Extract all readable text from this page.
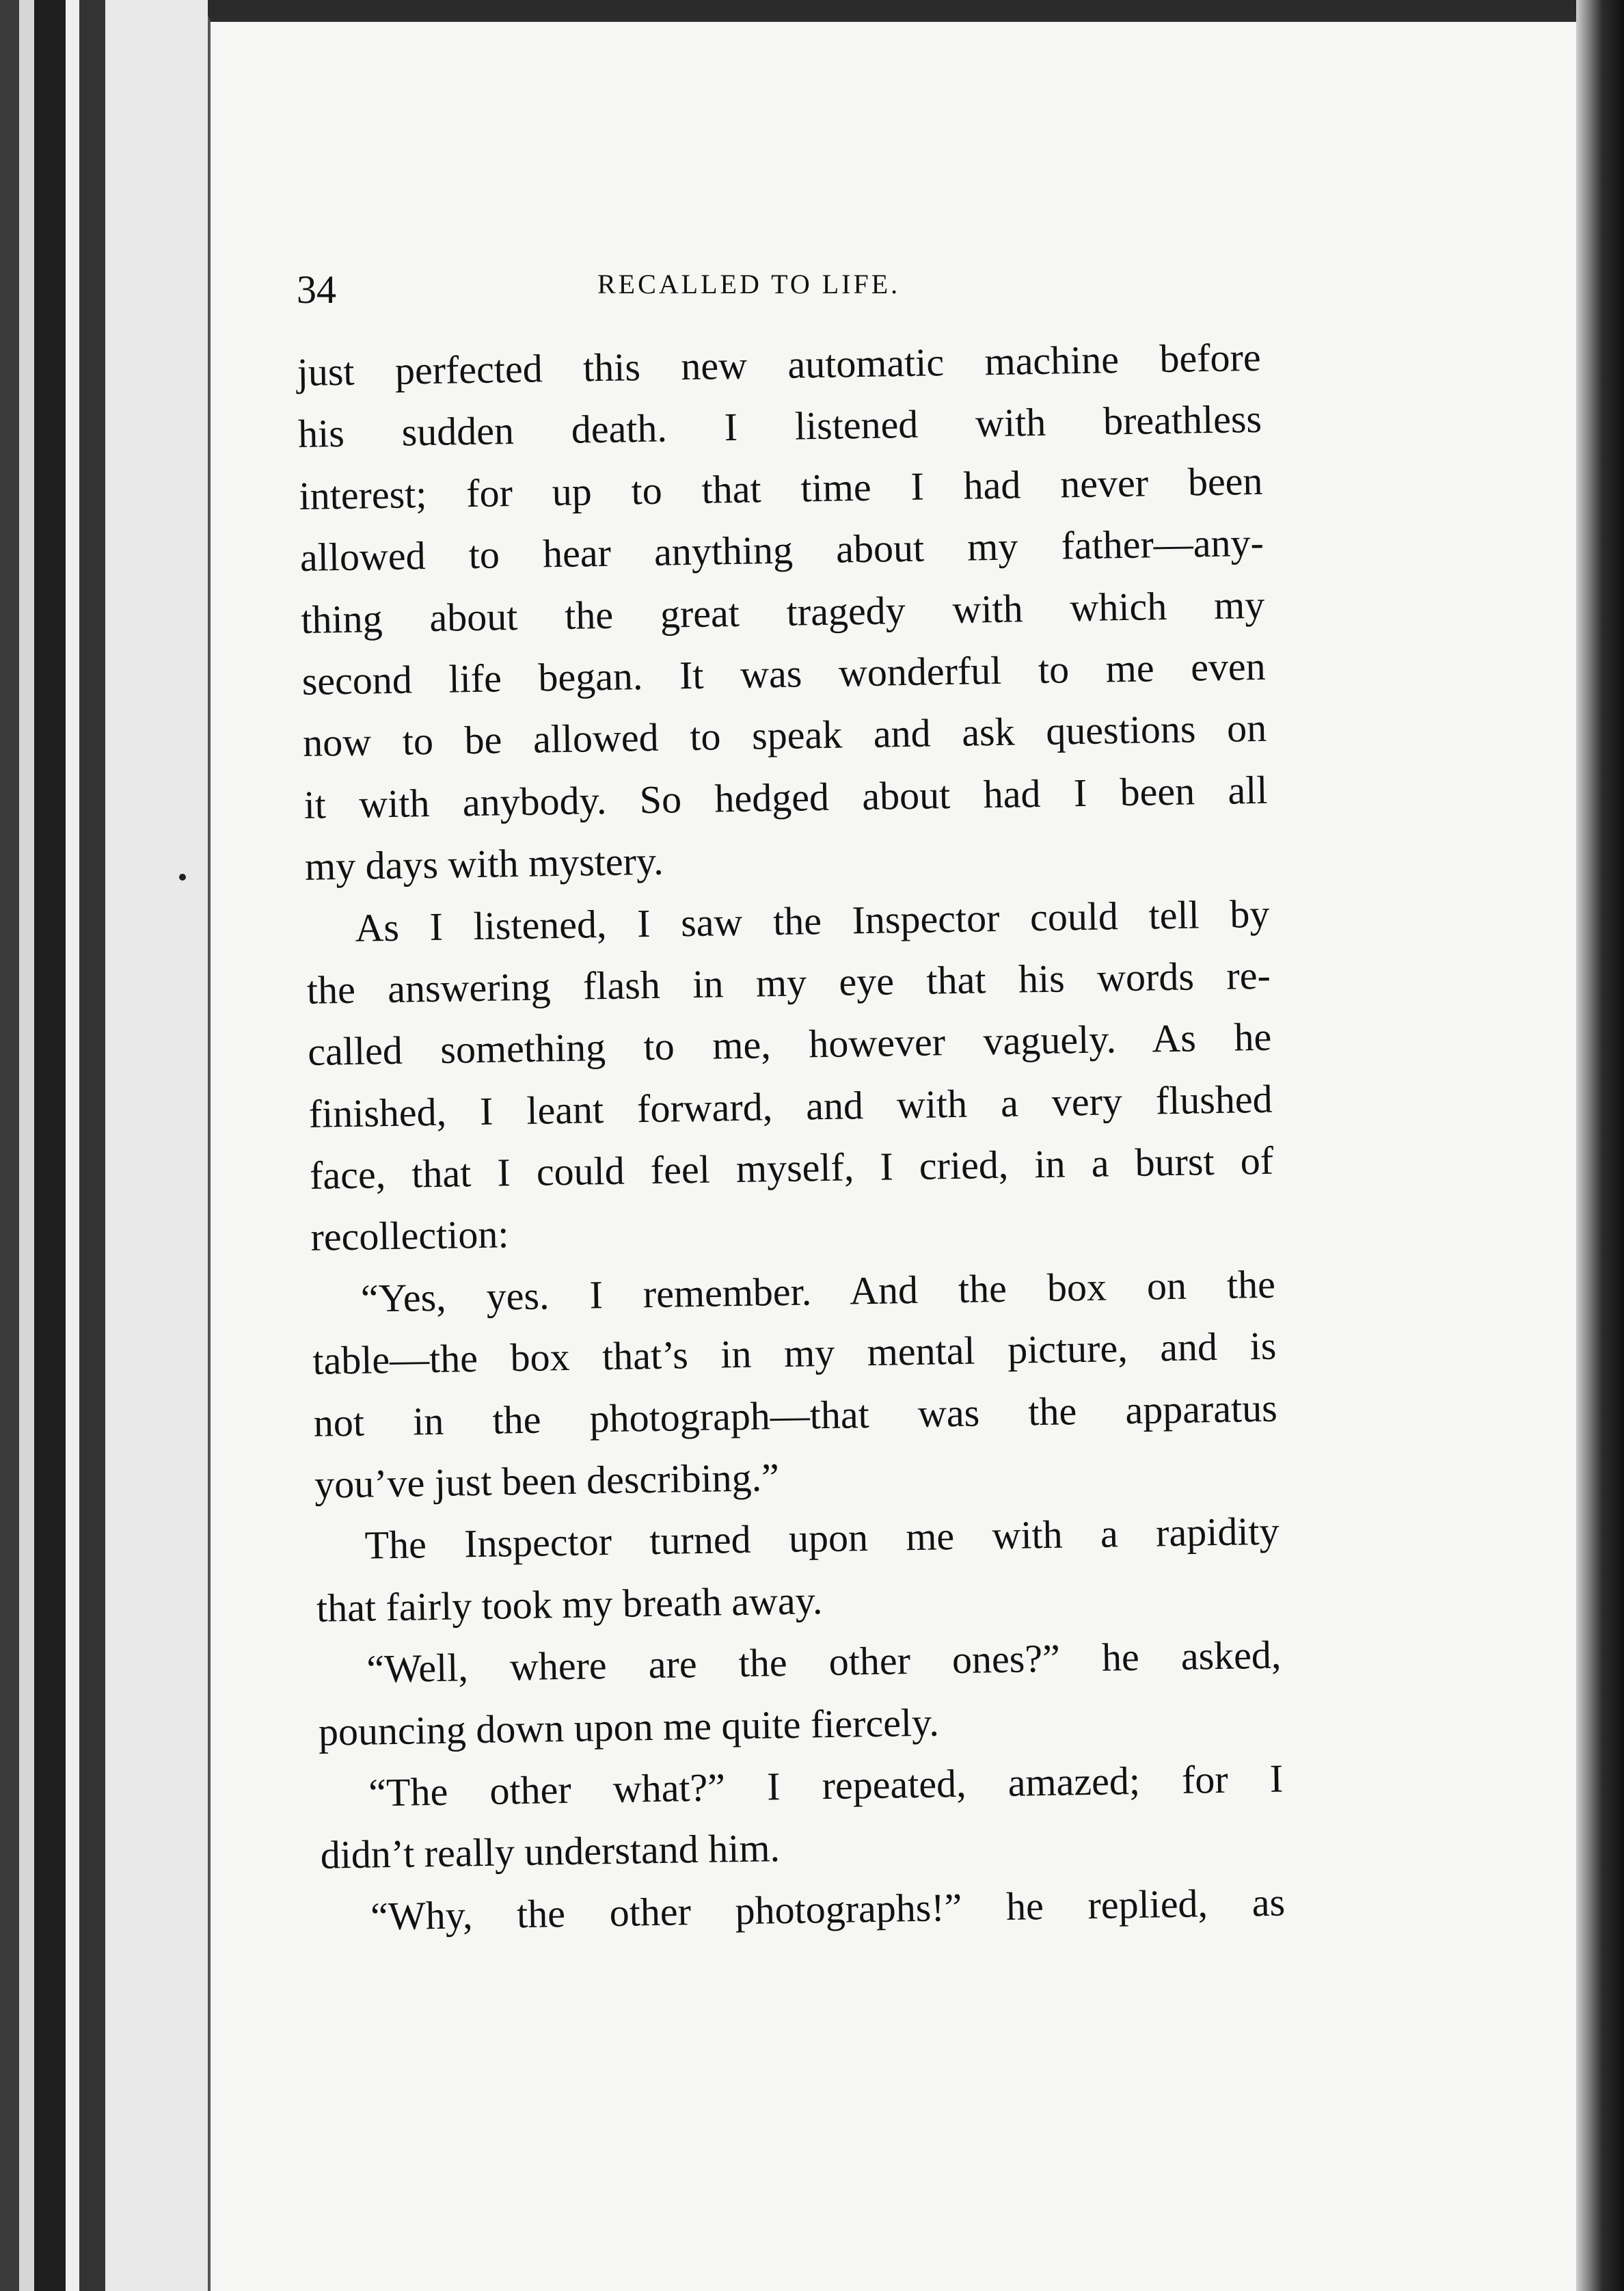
34	RECALLED TO LIFE.
just perfected this new automatic machine before
his sudden death. I listened with breathless
interest; for up to that time I had never been
allowed to hear anything about my father—any-
thing about the great tragedy with which my
second life began. It was wonderful to me even
now to be allowed to speak and ask questions on
it with anybody. So hedged about had I been all
my days with mystery.
As I listened, I saw the Inspector could tell by
the answering flash in my eye that his words re-
called something to me, however vaguely. As he
finished, I leant forward, and with a very flushed
face, that I could feel myself, I cried, in a burst of
recollection:
“Yes, yes. I remember. And the box on the
table—the box that’s in my mental picture, and is
not in the photograph—that was the apparatus
you’ve just been describing.”
The Inspector turned upon me with a rapidity
that fairly took my breath away.
“Well, where are the other ones?” he asked,
pouncing down upon me quite fiercely.
“The other what?” I repeated, amazed; for I
didn’t really understand him.
“Why, the other photographs!” he replied, as
